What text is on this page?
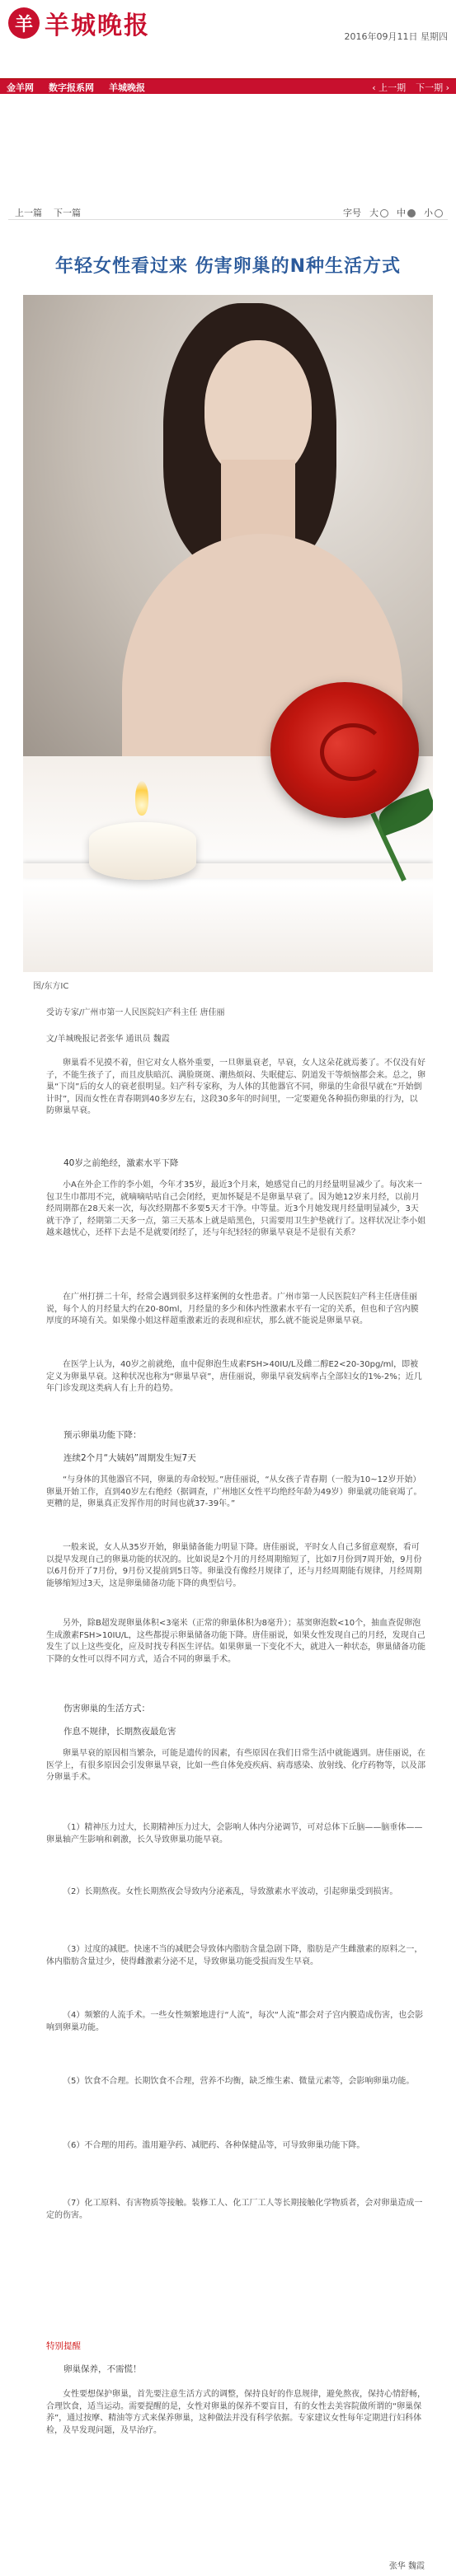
羊 羊城晚报	2016年09月11日 星期四
金羊网 数字报系网 羊城晚报	‹ 上一期 下一期 ›
上一篇 下一篇	字号 大	中	小
年轻女性看过来 伤害卵巢的N种生活方式
图/东方IC
受访专家/广州市第一人民医院妇产科主任 唐佳丽
文/羊城晚报记者张华 通讯员 魏霞

卵巢看不见摸不着，但它对女人格外重要，一旦卵巢衰老，早衰，女人这朵花就焉萎了。不仅没有好子，不能生孩子了，而且皮肤暗沉、满脸斑斑、潮热烦闷、失眠健忘、阴道发干等烦恼都会来。总之，卵巢“下岗”后的女人的衰老很明显。妇产科专家称，为人体的其他器官不同，卵巢的生命很早就在“开始倒计时”，因而女性在青春期到40多岁左右，这段30多年的时间里，一定要避免各种损伤卵巢的行为，以防卵巢早衰。

40岁之前绝经，激素水平下降

小A在外企工作的李小姐，今年才35岁，最近3个月来，她感觉自己的月经量明显减少了。每次来一包卫生巾都用不完，就嘀嘀咕咕自己会闭经，更加怀疑是不是卵巢早衰了。因为她12岁来月经，以前月经周期都在28天来一次，每次经期都不多要5天才干净。中等量。近3个月她发现月经量明显减少，3天就干净了，经期第二天多一点，第三天基本上就是暗黑色，只需要用卫生护垫就行了。这样状况让李小姐越来越忧心，还样下去是不是就要闭经了，还与年纪轻轻的卵巢早衰是不是很有关系？

在广州打拼二十年，经常会遇到很多这样案例的女性患者。广州市第一人民医院妇产科主任唐佳丽说，每个人的月经量大约在20-80ml，月经量的多少和体内性激素水平有一定的关系，但也和子宫内膜厚度的环境有关。如果像小姐这样超重激素近的表现和症状，那么就不能说是卵巢早衰。

在医学上认为，40岁之前就绝，血中促卵泡生成素FSH>40IU/L及雌二醇E2<20-30pg/ml，即被定义为卵巢早衰。这种状况也称为“卵巢早衰”，唐佳丽说，卵巢早衰发病率占全部妇女的1%-2%；近几年门诊发现这类病人有上升的趋势。

预示卵巢功能下降：
连续2个月“大姨妈”周期发生短7天

“与身体的其他器官不同，卵巢的寿命较短。”唐佳丽说，“从女孩子青春期（一般为10~12岁开始）卵巢开始工作，直到40岁左右绝经（据调查，广州地区女性平均绝经年龄为49岁）卵巢就功能衰竭了。更糟的是，卵巢真正发挥作用的时间也就37-39年。”

一般来说，女人从35岁开始，卵巢储备能力明显下降。唐佳丽说，平时女人自己多留意观察，看可以提早发现自己的卵巢功能的状况的。比如说是2个月的月经周期缩短了，比如7月份到7周开始，9月份以6月份开了7月份，9月份又提前到5日等。卵巢没有像经月规律了，还与月经周期能有规律，月经周期能够缩短过3天，这是卵巢储备功能下降的典型信号。

另外，除B超发现卵巢体积<3毫米（正常的卵巢体积为8毫升）；基窦卵泡数<10个，抽血查促卵泡生成激素FSH>10IU/L，这些都提示卵巢储备功能下降。唐佳丽说，如果女性发现自己的月经，发现自己发生了以上这些变化，应及时找专科医生评估。如果卵巢一下变化不大，就进入一种状态，卵巢储备功能下降的女性可以得不同方式，适合不同的卵巢手术。

伤害卵巢的生活方式：
作息不规律，长期熬夜最危害

卵巢早衰的原因相当繁杂，可能是遗传的因素，有些原因在我们日常生活中就能遇到。唐佳丽说，在医学上，有很多原因会引发卵巢早衰，比如一些自体免疫疾病、病毒感染、放射线、化疗药物等，以及部分卵巢手术。

（1）精神压力过大，长期精神压力过大，会影响人体内分泌调节，可对总体下丘脑——脑垂体——卵巢轴产生影响和刺激，长久导致卵巢功能早衰。

（2）长期熬夜。女性长期熬夜会导致内分泌紊乱，导致激素水平波动，引起卵巢受到损害。

（3）过度的减肥。快速不当的减肥会导致体内脂肪含量急剧下降，脂肪是产生雌激素的原料之一，体内脂肪含量过少，使得雌激素分泌不足，导致卵巢功能受损而发生早衰。

（4）频繁的人流手术。一些女性频繁地进行“人流”，每次“人流”都会对子宫内膜造成伤害，也会影响到卵巢功能。

（5）饮食不合理。长期饮食不合理，营养不均衡，缺乏维生素、微量元素等，会影响卵巢功能。

（6）不合理的用药。滥用避孕药、减肥药、各种保健品等，可导致卵巢功能下降。

（7）化工原料、有害物质等接触。装修工人、化工厂工人等长期接触化学物质者，会对卵巢造成一定的伤害。

特别提醒
卵巢保养，不需慌！

女性要想保护卵巢，首先要注意生活方式的调整，保持良好的作息规律，避免熬夜，保持心情舒畅，合理饮食，适当运动。需要提醒的是，女性对卵巢的保养不要盲目，有的女性去美容院做所谓的“卵巢保养”，通过按摩、精油等方式来保养卵巢，这种做法并没有科学依据。专家建议女性每年定期进行妇科体检，及早发现问题，及早治疗。

张华 魏霞
